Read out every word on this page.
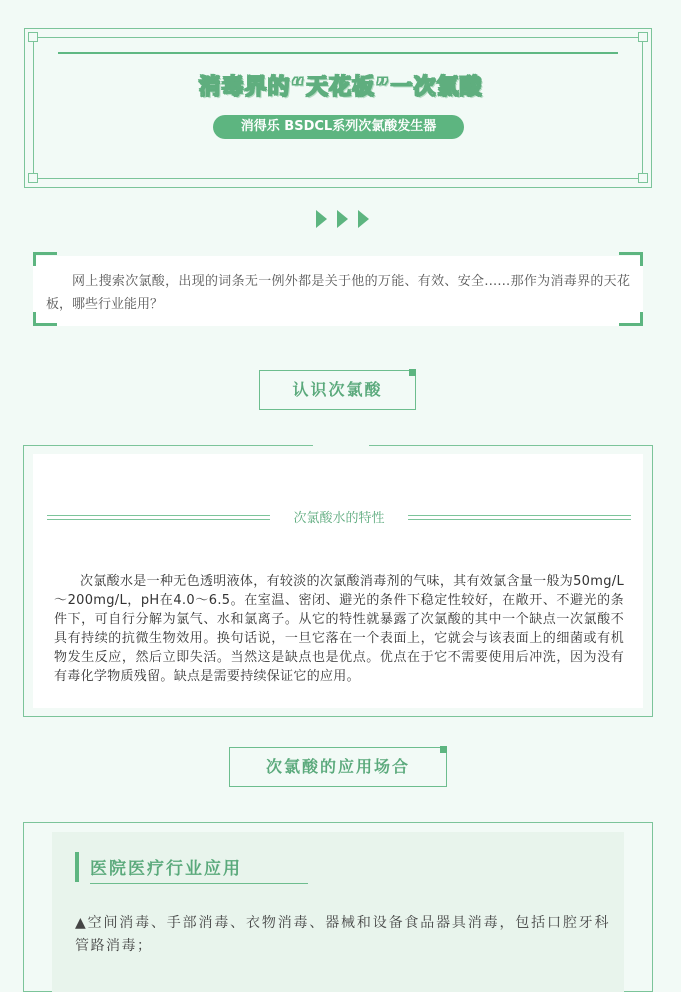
消毒界的“天花板”一次氯酸
消得乐 BSDCL系列次氯酸发生器
网上搜索次氯酸，出现的词条无一例外都是关于他的万能、有效、安全……那作为消毒界的天花板，哪些行业能用？
认识次氯酸
次氯酸水的特性
次氯酸水是一种无色透明液体，有较淡的次氯酸消毒剂的气味，其有效氯含量一般为50mg/L～200mg/L，pH在4.0～6.5。在室温、密闭、避光的条件下稳定性较好，在敞开、不避光的条件下，可自行分解为氯气、水和氯离子。从它的特性就暴露了次氯酸的其中一个缺点一次氯酸不具有持续的抗微生物效用。换句话说，一旦它落在一个表面上，它就会与该表面上的细菌或有机物发生反应，然后立即失活。当然这是缺点也是优点。优点在于它不需要使用后冲洗，因为没有有毒化学物质残留。缺点是需要持续保证它的应用。
次氯酸的应用场合
医院医疗行业应用
▲空间消毒、手部消毒、衣物消毒、器械和设备食品器具消毒，包括口腔牙科管路消毒；
